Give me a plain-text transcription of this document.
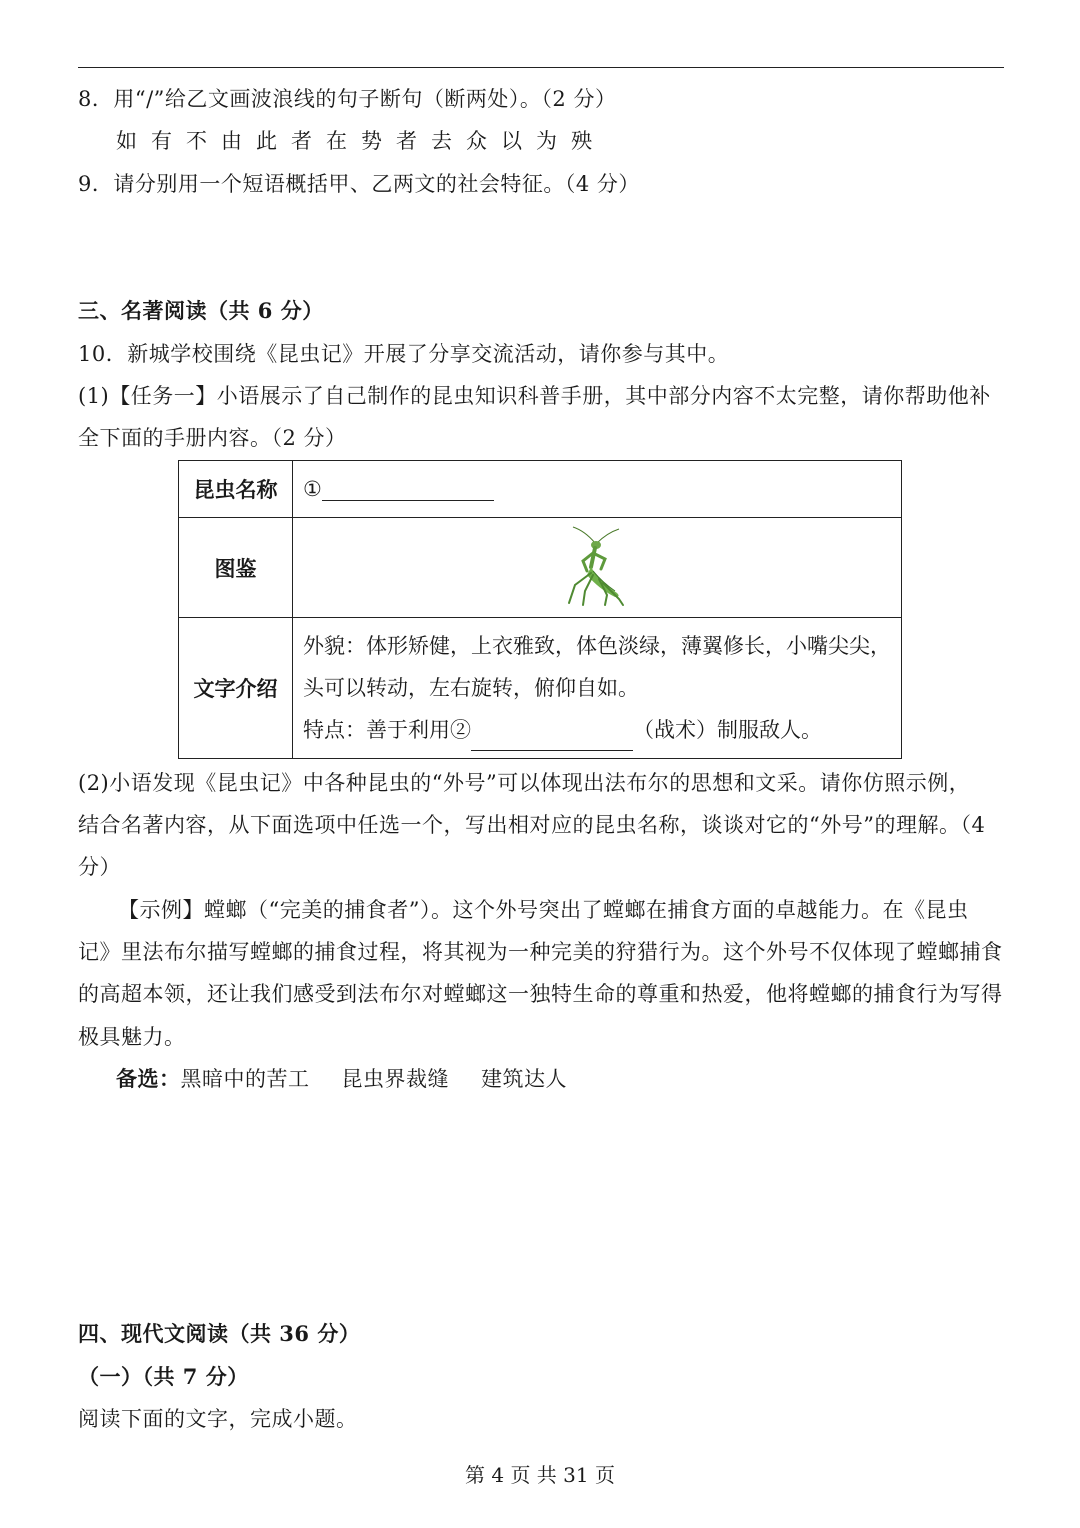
8．用“/”给乙文画波浪线的句子断句（断两处）。（2 分）
如有不由此者在势者去众以为殃
9．请分别用一个短语概括甲、乙两文的社会特征。（4 分）
三、名著阅读（共 6 分）
10．新城学校围绕《昆虫记》开展了分享交流活动，请你参与其中。
(1)【任务一】小语展示了自己制作的昆虫知识科普手册，其中部分内容不太完整，请你帮助他补
全下面的手册内容。（2 分）
昆虫名称	①
图鉴	
文字介绍	外貌：体形矫健，上衣雅致，体色淡绿，薄翼修长，小嘴尖尖，
头可以转动，左右旋转，俯仰自如。
特点：善于利用② （战术）制服敌人。
(2)小语发现《昆虫记》中各种昆虫的“外号”可以体现出法布尔的思想和文采。请你仿照示例，
结合名著内容，从下面选项中任选一个，写出相对应的昆虫名称，谈谈对它的“外号”的理解。（4
分）
【示例】螳螂（“完美的捕食者”）。这个外号突出了螳螂在捕食方面的卓越能力。在《昆虫
记》里法布尔描写螳螂的捕食过程，将其视为一种完美的狩猎行为。这个外号不仅体现了螳螂捕食
的高超本领，还让我们感受到法布尔对螳螂这一独特生命的尊重和热爱，他将螳螂的捕食行为写得
极具魅力。
备选：黑暗中的苦工 昆虫界裁缝 建筑达人
四、现代文阅读（共 36 分）
（一）（共 7 分）
阅读下面的文字，完成小题。
第 4 页 共 31 页
